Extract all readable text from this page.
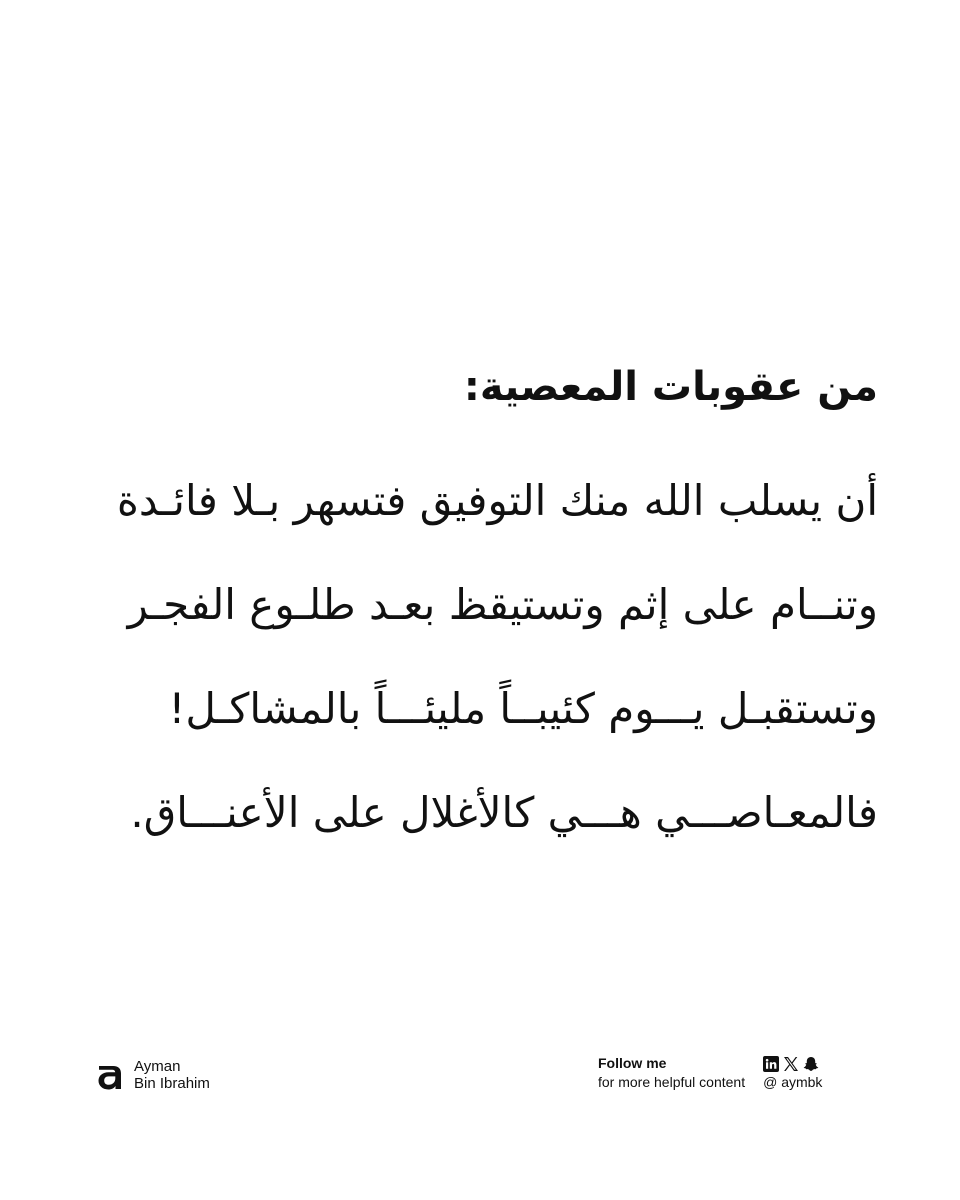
من عقوبات المعصية:

أن يسلب الله منك التوفيق فتسهر بـلا فائـدة

وتنــام على إثم وتستيقظ بعـد طلـوع الفجـر

وتستقبـل يـــوم كئيبــاً مليئـــاً بالمشاكـل!

فالمعـاصـــي هـــي كالأغلال على الأعنـــاق.

Ayman
Bin Ibrahim
Follow me
for more helpful content @ aymbk
